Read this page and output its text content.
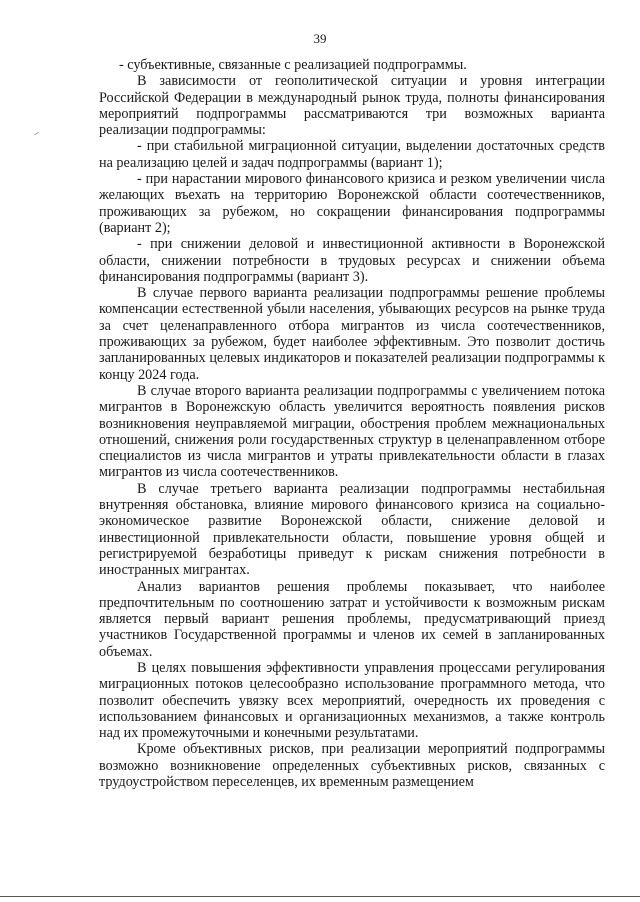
39

- субъективные, связанные с реализацией подпрограммы.

В зависимости от геополитической ситуации и уровня интеграции Российской Федерации в международный рынок труда, полноты финансирования мероприятий подпрограммы рассматриваются три возможных варианта реализации подпрограммы:

- при стабильной миграционной ситуации, выделении достаточных средств на реализацию целей и задач подпрограммы (вариант 1);

- при нарастании мирового финансового кризиса и резком увеличении числа желающих въехать на территорию Воронежской области соотечественников, проживающих за рубежом, но сокращении финансирования подпрограммы (вариант 2);

- при снижении деловой и инвестиционной активности в Воронежской области, снижении потребности в трудовых ресурсах и снижении объема финансирования подпрограммы (вариант 3).

В случае первого варианта реализации подпрограммы решение проблемы компенсации естественной убыли населения, убывающих ресурсов на рынке труда за счет целенаправленного отбора мигрантов из числа соотечественников, проживающих за рубежом, будет наиболее эффективным. Это позволит достичь запланированных целевых индикаторов и показателей реализации подпрограммы к концу 2024 года.

В случае второго варианта реализации подпрограммы с увеличением потока мигрантов в Воронежскую область увеличится вероятность появления рисков возникновения неуправляемой миграции, обострения проблем межнациональных отношений, снижения роли государственных структур в целенаправленном отборе специалистов из числа мигрантов и утраты привлекательности области в глазах мигрантов из числа соотечественников.

В случае третьего варианта реализации подпрограммы нестабильная внутренняя обстановка, влияние мирового финансового кризиса на социально-экономическое развитие Воронежской области, снижение деловой и инвестиционной привлекательности области, повышение уровня общей и регистрируемой безработицы приведут к рискам снижения потребности в иностранных мигрантах.

Анализ вариантов решения проблемы показывает, что наиболее предпочтительным по соотношению затрат и устойчивости к возможным рискам является первый вариант решения проблемы, предусматривающий приезд участников Государственной программы и членов их семей в запланированных объемах.

В целях повышения эффективности управления процессами регулирования миграционных потоков целесообразно использование программного метода, что позволит обеспечить увязку всех мероприятий, очередность их проведения с использованием финансовых и организационных механизмов, а также контроль над их промежуточными и конечными результатами.

Кроме объективных рисков, при реализации мероприятий подпрограммы возможно возникновение определенных субъективных рисков, связанных с трудоустройством переселенцев, их временным размещением
